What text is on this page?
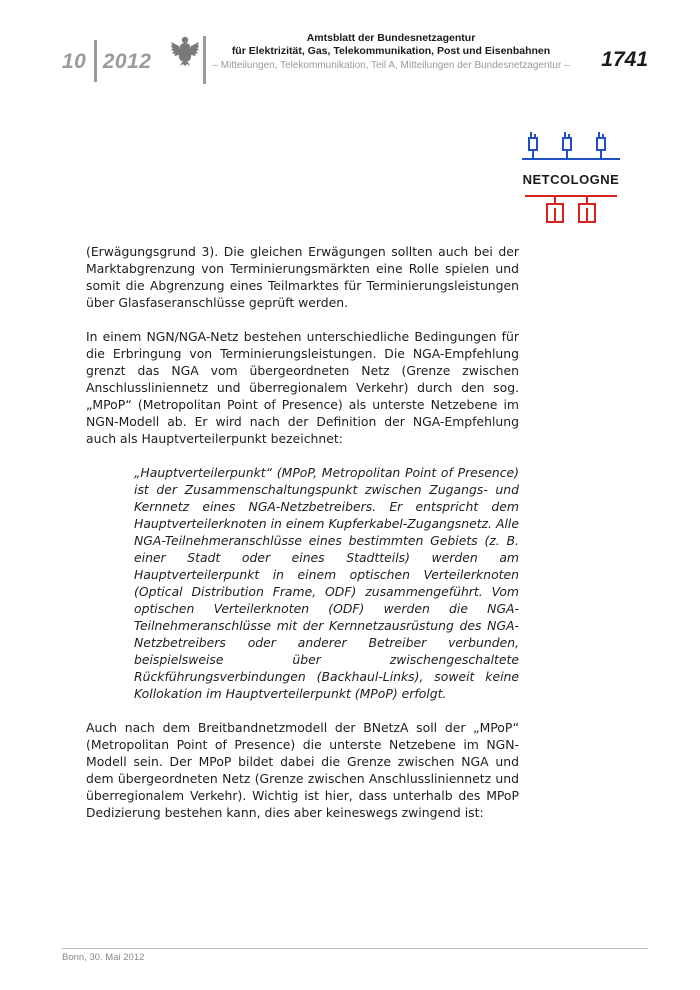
10 2012
Amtsblatt der Bundesnetzagentur
für Elektrizität, Gas, Telekommunikation, Post und Eisenbahnen
– Mitteilungen, Telekommunikation, Teil A, Mitteilungen der Bundesnetzagentur – 1741
NETCOLOGNE

(Erwägungsgrund 3). Die gleichen Erwägungen sollten auch bei der Marktabgrenzung von Terminierungsmärkten eine Rolle spielen und somit die Abgrenzung eines Teilmarktes für Terminierungsleistungen über Glasfaseranschlüsse geprüft werden.

In einem NGN/NGA-Netz bestehen unterschiedliche Bedingungen für die Erbringung von Terminierungsleistungen. Die NGA-Empfehlung grenzt das NGA vom übergeordneten Netz (Grenze zwischen Anschlussliniennetz und überregionalem Verkehr) durch den sog. „MPoP“ (Metropolitan Point of Presence) als unterste Netzebene im NGN-Modell ab. Er wird nach der Definition der NGA-Empfehlung auch als Hauptverteilerpunkt bezeichnet:

„Hauptverteilerpunkt“ (MPoP, Metropolitan Point of Presence) ist der Zusammenschaltungspunkt zwischen Zugangs- und Kernnetz eines NGA-Netzbetreibers. Er entspricht dem Hauptverteilerknoten in einem Kupferkabel-Zugangsnetz. Alle NGA-Teilnehmeranschlüsse eines bestimmten Gebiets (z. B. einer Stadt oder eines Stadtteils) werden am Hauptverteilerpunkt in einem optischen Verteilerknoten (Optical Distribution Frame, ODF) zusammengeführt. Vom optischen Verteilerknoten (ODF) werden die NGA-Teilnehmeranschlüsse mit der Kernnetzausrüstung des NGA-Netzbetreibers oder anderer Betreiber verbunden, beispielsweise über zwischengeschaltete Rückführungsverbindungen (Backhaul-Links), soweit keine Kollokation im Hauptverteilerpunkt (MPoP) erfolgt.

Auch nach dem Breitbandnetzmodell der BNetzA soll der „MPoP“ (Metropolitan Point of Presence) die unterste Netzebene im NGN-Modell sein. Der MPoP bildet dabei die Grenze zwischen NGA und dem übergeordneten Netz (Grenze zwischen Anschlussliniennetz und überregionalem Verkehr). Wichtig ist hier, dass unterhalb des MPoP Dedizierung bestehen kann, dies aber keineswegs zwingend ist:

Bonn, 30. Mai 2012
